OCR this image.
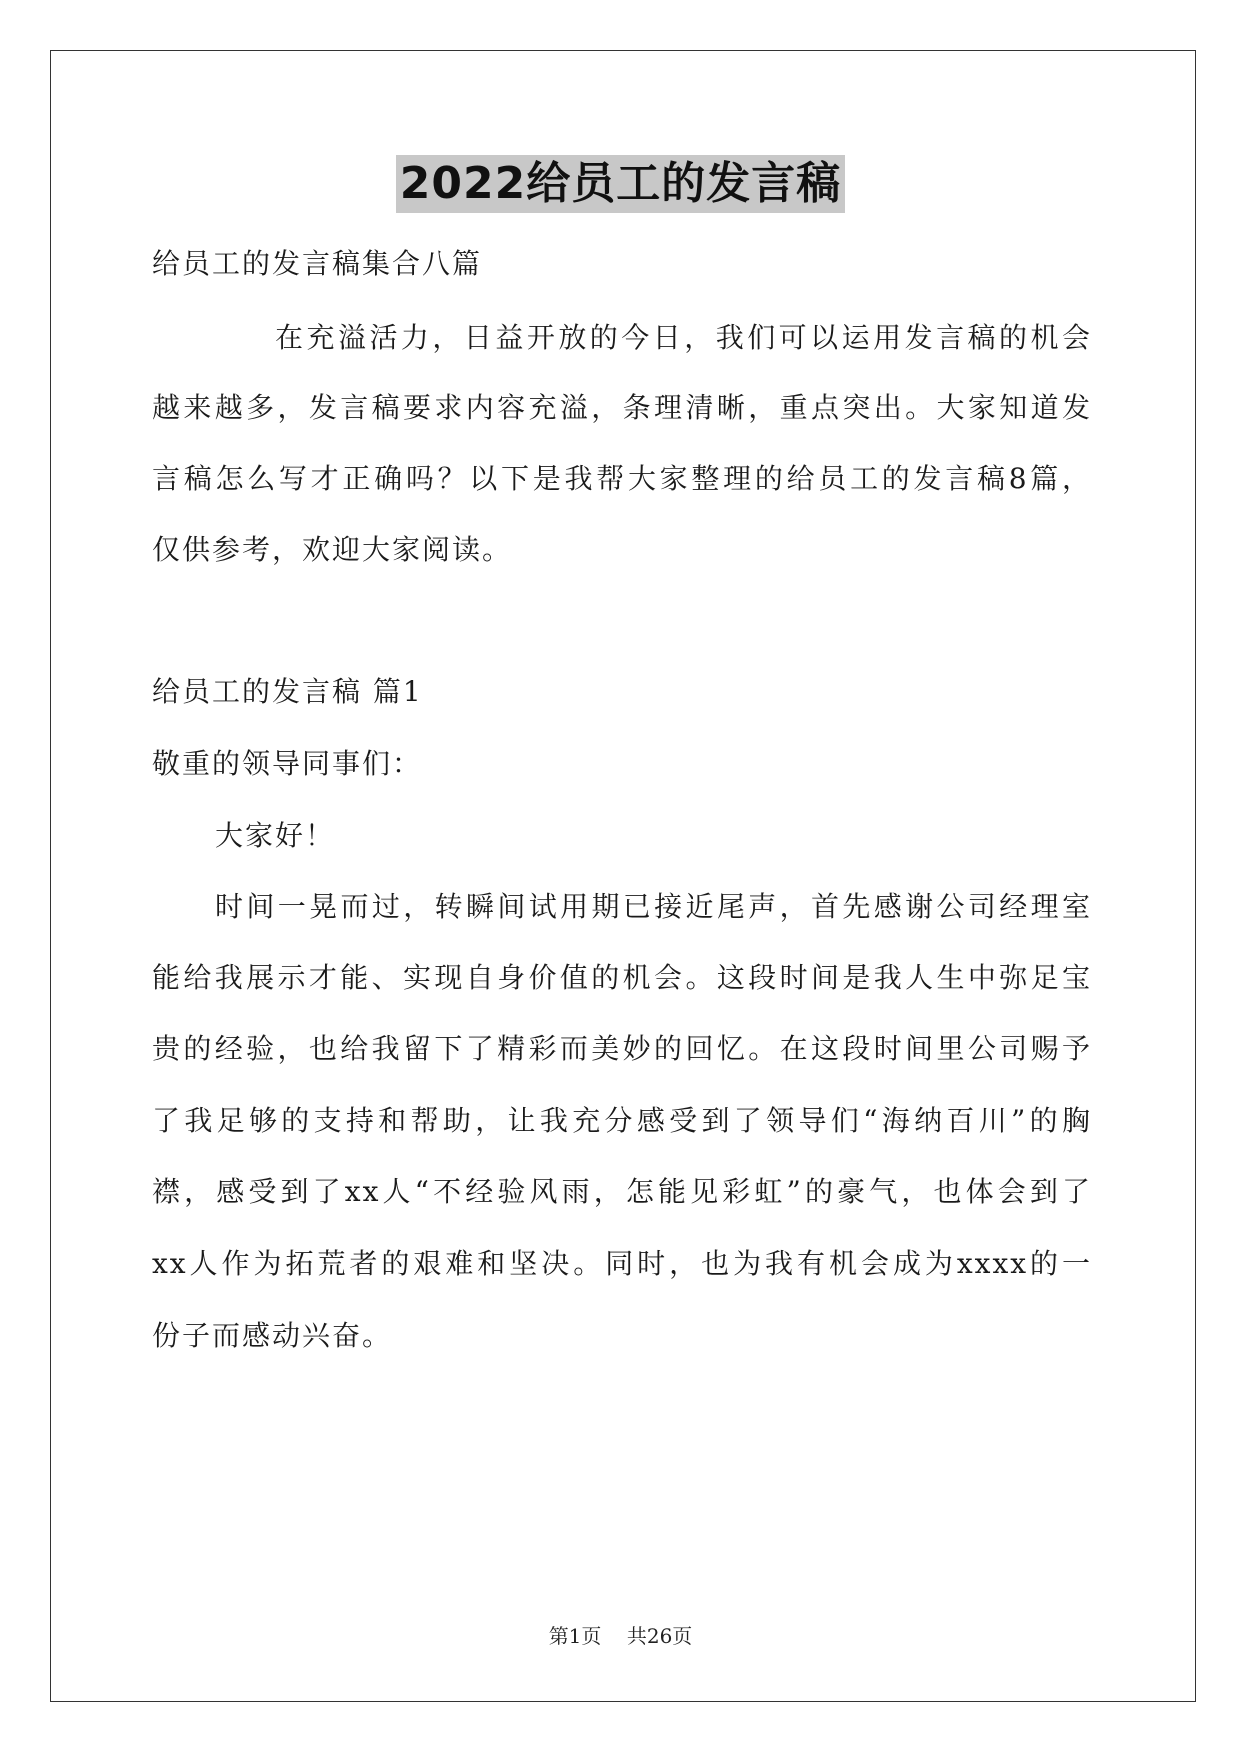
2022给员工的发言稿
给员工的发言稿集合八篇
在充溢活力，日益开放的今日，我们可以运用发言稿的机会
越来越多，发言稿要求内容充溢，条理清晰，重点突出。大家知道发
言稿怎么写才正确吗？以下是我帮大家整理的给员工的发言稿8篇，
仅供参考，欢迎大家阅读。
给员工的发言稿 篇1
敬重的领导同事们：
大家好！
时间一晃而过，转瞬间试用期已接近尾声，首先感谢公司经理室
能给我展示才能、实现自身价值的机会。这段时间是我人生中弥足宝
贵的经验，也给我留下了精彩而美妙的回忆。在这段时间里公司赐予
了我足够的支持和帮助，让我充分感受到了领导们“海纳百川”的胸
襟，感受到了xx人“不经验风雨，怎能见彩虹”的豪气，也体会到了
xx人作为拓荒者的艰难和坚决。同时，也为我有机会成为xxxx的一
份子而感动兴奋。
第1页 共26页
